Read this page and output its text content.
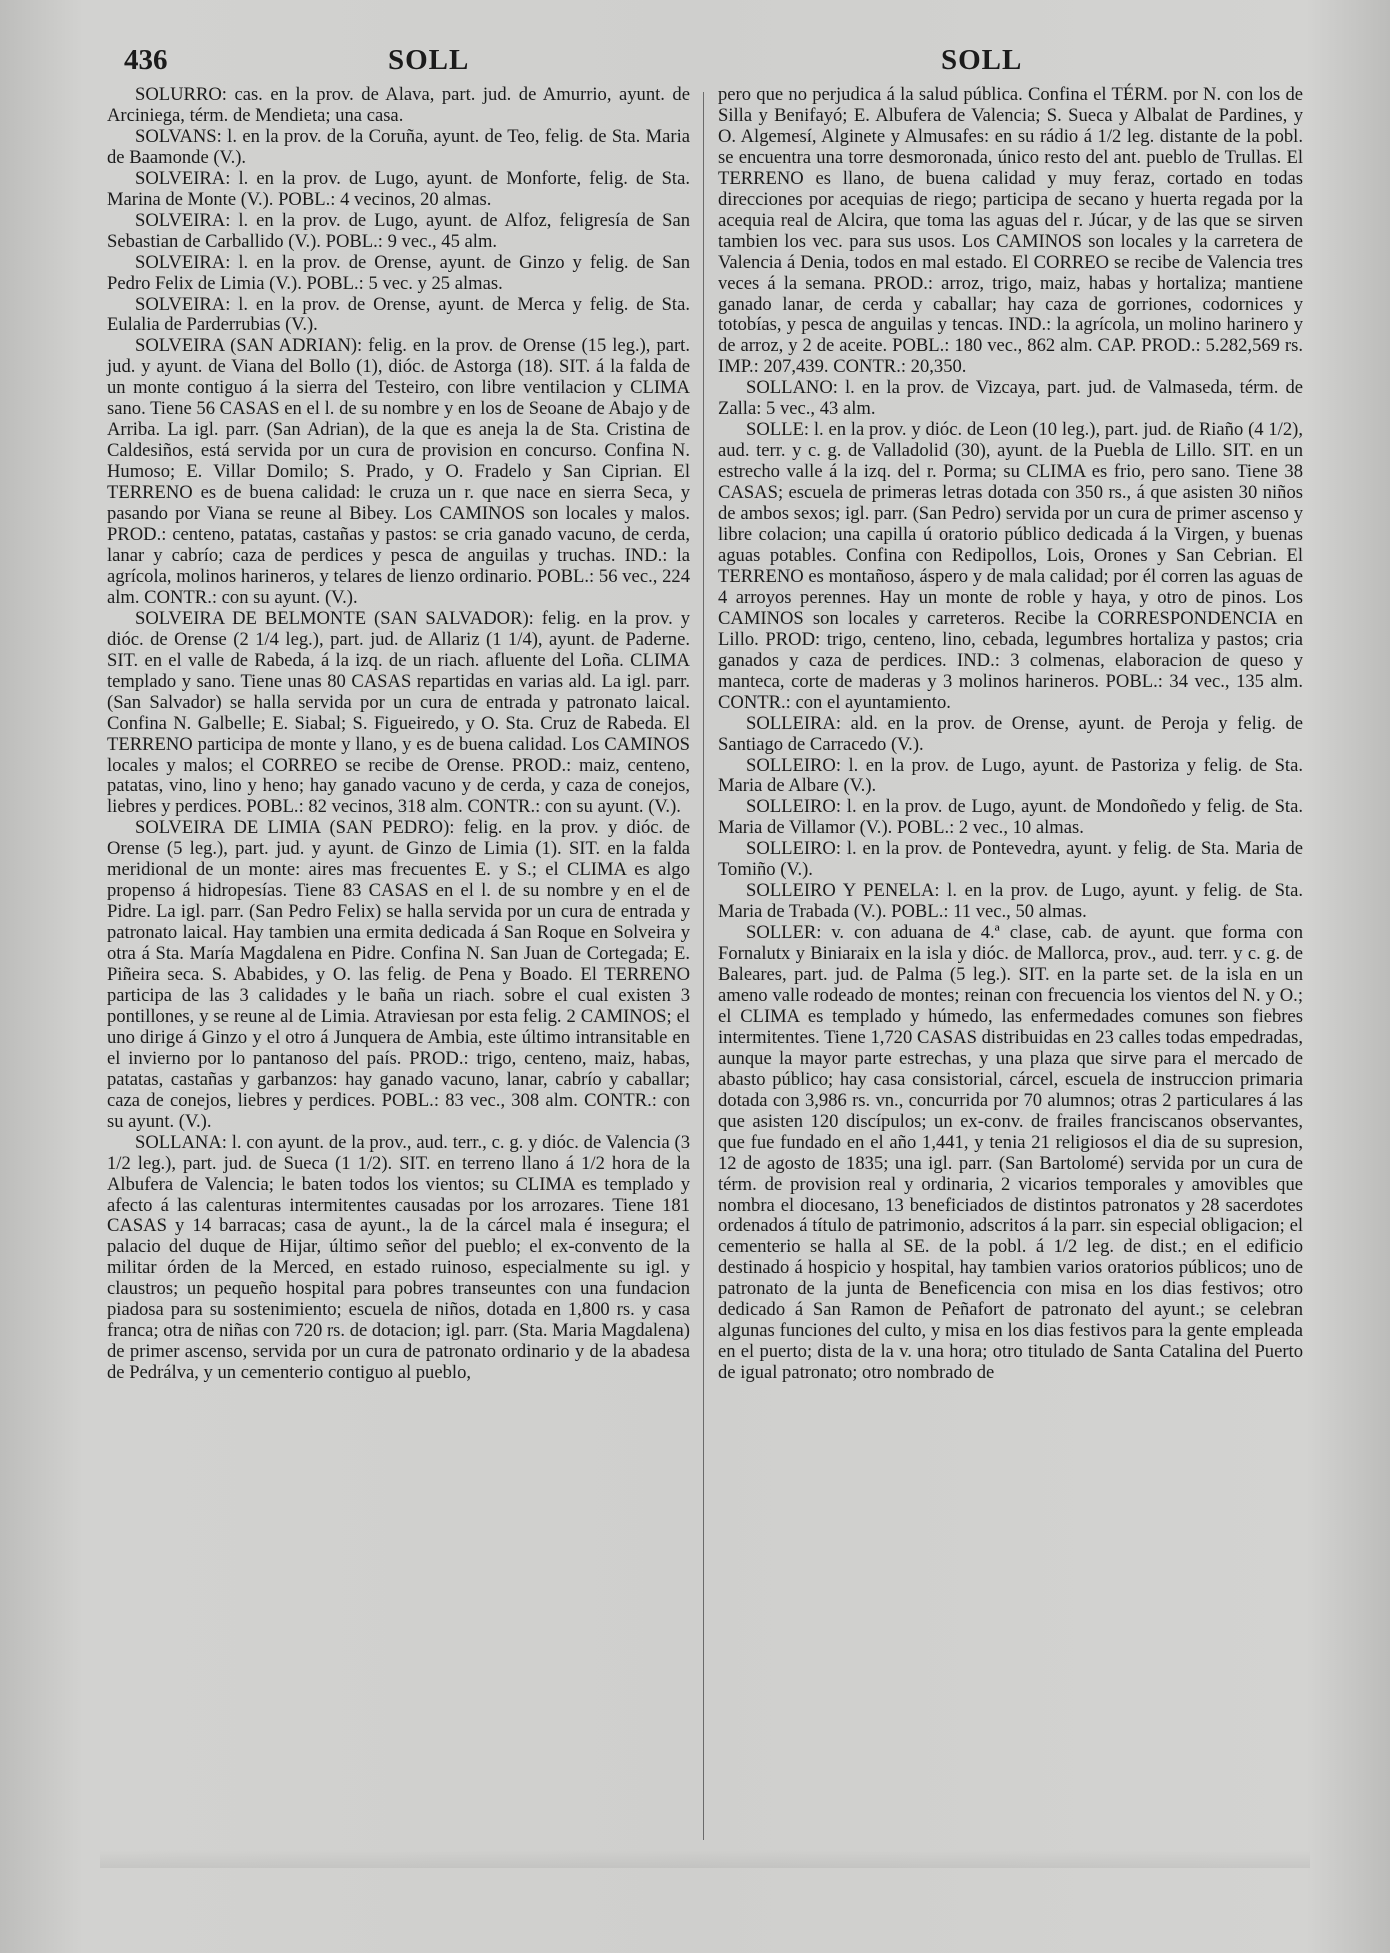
436	SOLL	SOLL

SOLURRO: cas. en la prov. de Alava, part. jud. de Amurrio, ayunt. de Arciniega, térm. de Mendieta; una casa.

SOLVANS: l. en la prov. de la Coruña, ayunt. de Teo, felig. de Sta. Maria de Baamonde (V.).

SOLVEIRA: l. en la prov. de Lugo, ayunt. de Monforte, felig. de Sta. Marina de Monte (V.). POBL.: 4 vecinos, 20 almas.

SOLVEIRA: l. en la prov. de Lugo, ayunt. de Alfoz, feligresía de San Sebastian de Carballido (V.). POBL.: 9 vec., 45 alm.

SOLVEIRA: l. en la prov. de Orense, ayunt. de Ginzo y felig. de San Pedro Felix de Limia (V.). POBL.: 5 vec. y 25 almas.

SOLVEIRA: l. en la prov. de Orense, ayunt. de Merca y felig. de Sta. Eulalia de Parderrubias (V.).

SOLVEIRA (SAN ADRIAN): felig. en la prov. de Orense (15 leg.), part. jud. y ayunt. de Viana del Bollo (1), dióc. de Astorga (18). SIT. á la falda de un monte contiguo á la sierra del Testeiro, con libre ventilacion y CLIMA sano. Tiene 56 CASAS en el l. de su nombre y en los de Seoane de Abajo y de Arriba. La igl. parr. (San Adrian), de la que es aneja la de Sta. Cristina de Caldesiños, está servida por un cura de provision en concurso. Confina N. Humoso; E. Villar Domilo; S. Prado, y O. Fradelo y San Ciprian. El TERRENO es de buena calidad: le cruza un r. que nace en sierra Seca, y pasando por Viana se reune al Bibey. Los CAMINOS son locales y malos. PROD.: centeno, patatas, castañas y pastos: se cria ganado vacuno, de cerda, lanar y cabrío; caza de perdices y pesca de anguilas y truchas. IND.: la agrícola, molinos harineros, y telares de lienzo ordinario. POBL.: 56 vec., 224 alm. CONTR.: con su ayunt. (V.).

SOLVEIRA DE BELMONTE (SAN SALVADOR): felig. en la prov. y dióc. de Orense (2 1/4 leg.), part. jud. de Allariz (1 1/4), ayunt. de Paderne. SIT. en el valle de Rabeda, á la izq. de un riach. afluente del Loña. CLIMA templado y sano. Tiene unas 80 CASAS repartidas en varias ald. La igl. parr. (San Salvador) se halla servida por un cura de entrada y patronato laical. Confina N. Galbelle; E. Siabal; S. Figueiredo, y O. Sta. Cruz de Rabeda. El TERRENO participa de monte y llano, y es de buena calidad. Los CAMINOS locales y malos; el CORREO se recibe de Orense. PROD.: maiz, centeno, patatas, vino, lino y heno; hay ganado vacuno y de cerda, y caza de conejos, liebres y perdices. POBL.: 82 vecinos, 318 alm. CONTR.: con su ayunt. (V.).

SOLVEIRA DE LIMIA (SAN PEDRO): felig. en la prov. y dióc. de Orense (5 leg.), part. jud. y ayunt. de Ginzo de Limia (1). SIT. en la falda meridional de un monte: aires mas frecuentes E. y S.; el CLIMA es algo propenso á hidropesías. Tiene 83 CASAS en el l. de su nombre y en el de Pidre. La igl. parr. (San Pedro Felix) se halla servida por un cura de entrada y patronato laical. Hay tambien una ermita dedicada á San Roque en Solveira y otra á Sta. María Magdalena en Pidre. Confina N. San Juan de Cortegada; E. Piñeira seca. S. Ababides, y O. las felig. de Pena y Boado. El TERRENO participa de las 3 calidades y le baña un riach. sobre el cual existen 3 pontillones, y se reune al de Limia. Atraviesan por esta felig. 2 CAMINOS; el uno dirige á Ginzo y el otro á Junquera de Ambia, este último intransitable en el invierno por lo pantanoso del país. PROD.: trigo, centeno, maiz, habas, patatas, castañas y garbanzos: hay ganado vacuno, lanar, cabrío y caballar; caza de conejos, liebres y perdices. POBL.: 83 vec., 308 alm. CONTR.: con su ayunt. (V.).

SOLLANA: l. con ayunt. de la prov., aud. terr., c. g. y dióc. de Valencia (3 1/2 leg.), part. jud. de Sueca (1 1/2). SIT. en terreno llano á 1/2 hora de la Albufera de Valencia; le baten todos los vientos; su CLIMA es templado y afecto á las calenturas intermitentes causadas por los arrozares. Tiene 181 CASAS y 14 barracas; casa de ayunt., la de la cárcel mala é insegura; el palacio del duque de Hijar, último señor del pueblo; el ex-convento de la militar órden de la Merced, en estado ruinoso, especialmente su igl. y claustros; un pequeño hospital para pobres transeuntes con una fundacion piadosa para su sostenimiento; escuela de niños, dotada en 1,800 rs. y casa franca; otra de niñas con 720 rs. de dotacion; igl. parr. (Sta. Maria Magdalena) de primer ascenso, servida por un cura de patronato ordinario y de la abadesa de Pedrálva, y un cementerio contiguo al pueblo,

pero que no perjudica á la salud pública. Confina el TÉRM. por N. con los de Silla y Benifayó; E. Albufera de Valencia; S. Sueca y Albalat de Pardines, y O. Algemesí, Alginete y Almusafes: en su rádio á 1/2 leg. distante de la pobl. se encuentra una torre desmoronada, único resto del ant. pueblo de Trullas. El TERRENO es llano, de buena calidad y muy feraz, cortado en todas direcciones por acequias de riego; participa de secano y huerta regada por la acequia real de Alcira, que toma las aguas del r. Júcar, y de las que se sirven tambien los vec. para sus usos. Los CAMINOS son locales y la carretera de Valencia á Denia, todos en mal estado. El CORREO se recibe de Valencia tres veces á la semana. PROD.: arroz, trigo, maiz, habas y hortaliza; mantiene ganado lanar, de cerda y caballar; hay caza de gorriones, codornices y totobías, y pesca de anguilas y tencas. IND.: la agrícola, un molino harinero y de arroz, y 2 de aceite. POBL.: 180 vec., 862 alm. CAP. PROD.: 5.282,569 rs. IMP.: 207,439. CONTR.: 20,350.

SOLLANO: l. en la prov. de Vizcaya, part. jud. de Valmaseda, térm. de Zalla: 5 vec., 43 alm.

SOLLE: l. en la prov. y dióc. de Leon (10 leg.), part. jud. de Riaño (4 1/2), aud. terr. y c. g. de Valladolid (30), ayunt. de la Puebla de Lillo. SIT. en un estrecho valle á la izq. del r. Porma; su CLIMA es frio, pero sano. Tiene 38 CASAS; escuela de primeras letras dotada con 350 rs., á que asisten 30 niños de ambos sexos; igl. parr. (San Pedro) servida por un cura de primer ascenso y libre colacion; una capilla ú oratorio público dedicada á la Virgen, y buenas aguas potables. Confina con Redipollos, Lois, Orones y San Cebrian. El TERRENO es montañoso, áspero y de mala calidad; por él corren las aguas de 4 arroyos perennes. Hay un monte de roble y haya, y otro de pinos. Los CAMINOS son locales y carreteros. Recibe la CORRESPONDENCIA en Lillo. PROD: trigo, centeno, lino, cebada, legumbres hortaliza y pastos; cria ganados y caza de perdices. IND.: 3 colmenas, elaboracion de queso y manteca, corte de maderas y 3 molinos harineros. POBL.: 34 vec., 135 alm. CONTR.: con el ayuntamiento.

SOLLEIRA: ald. en la prov. de Orense, ayunt. de Peroja y felig. de Santiago de Carracedo (V.).

SOLLEIRO: l. en la prov. de Lugo, ayunt. de Pastoriza y felig. de Sta. Maria de Albare (V.).

SOLLEIRO: l. en la prov. de Lugo, ayunt. de Mondoñedo y felig. de Sta. Maria de Villamor (V.). POBL.: 2 vec., 10 almas.

SOLLEIRO: l. en la prov. de Pontevedra, ayunt. y felig. de Sta. Maria de Tomiño (V.).

SOLLEIRO Y PENELA: l. en la prov. de Lugo, ayunt. y felig. de Sta. Maria de Trabada (V.). POBL.: 11 vec., 50 almas.

SOLLER: v. con aduana de 4.ª clase, cab. de ayunt. que forma con Fornalutx y Biniaraix en la isla y dióc. de Mallorca, prov., aud. terr. y c. g. de Baleares, part. jud. de Palma (5 leg.). SIT. en la parte set. de la isla en un ameno valle rodeado de montes; reinan con frecuencia los vientos del N. y O.; el CLIMA es templado y húmedo, las enfermedades comunes son fiebres intermitentes. Tiene 1,720 CASAS distribuidas en 23 calles todas empedradas, aunque la mayor parte estrechas, y una plaza que sirve para el mercado de abasto público; hay casa consistorial, cárcel, escuela de instruccion primaria dotada con 3,986 rs. vn., concurrida por 70 alumnos; otras 2 particulares á las que asisten 120 discípulos; un ex-conv. de frailes franciscanos observantes, que fue fundado en el año 1,441, y tenia 21 religiosos el dia de su supresion, 12 de agosto de 1835; una igl. parr. (San Bartolomé) servida por un cura de térm. de provision real y ordinaria, 2 vicarios temporales y amovibles que nombra el diocesano, 13 beneficiados de distintos patronatos y 28 sacerdotes ordenados á título de patrimonio, adscritos á la parr. sin especial obligacion; el cementerio se halla al SE. de la pobl. á 1/2 leg. de dist.; en el edificio destinado á hospicio y hospital, hay tambien varios oratorios públicos; uno de patronato de la junta de Beneficencia con misa en los dias festivos; otro dedicado á San Ramon de Peñafort de patronato del ayunt.; se celebran algunas funciones del culto, y misa en los dias festivos para la gente empleada en el puerto; dista de la v. una hora; otro titulado de Santa Catalina del Puerto de igual patronato; otro nombrado de
